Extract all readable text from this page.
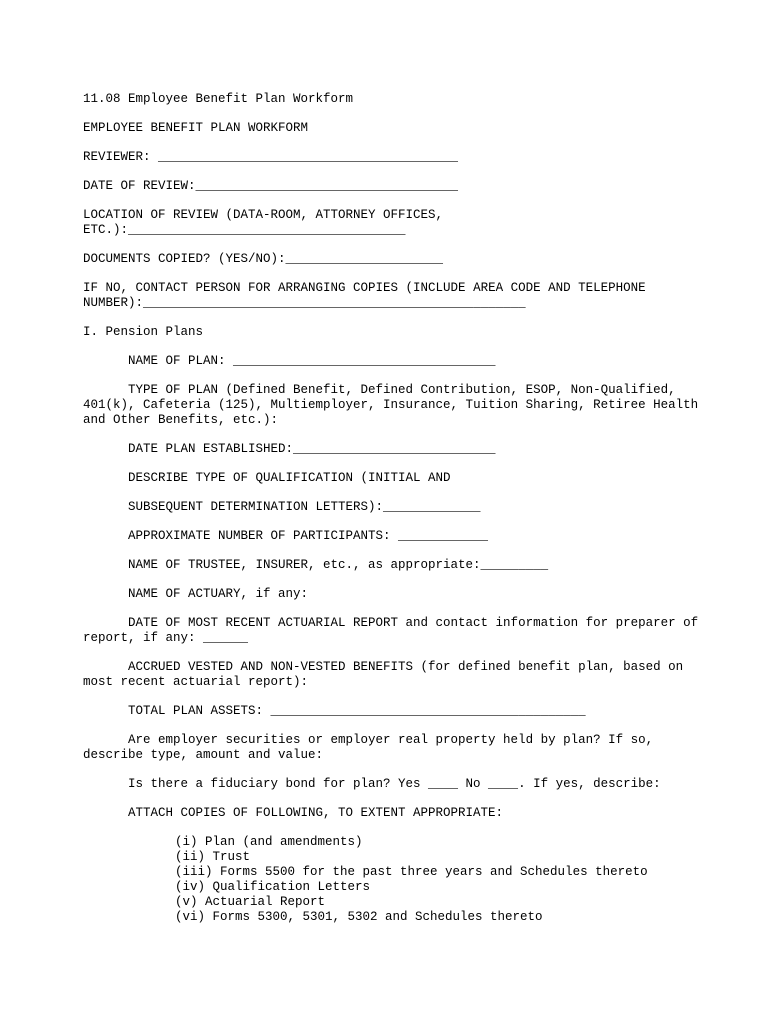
11.08 Employee Benefit Plan Workform

EMPLOYEE BENEFIT PLAN WORKFORM

REVIEWER: ________________________________________

DATE OF REVIEW:___________________________________

LOCATION OF REVIEW (DATA-ROOM, ATTORNEY OFFICES,
ETC.):_____________________________________

DOCUMENTS COPIED? (YES/NO):_____________________

IF NO, CONTACT PERSON FOR ARRANGING COPIES (INCLUDE AREA CODE AND TELEPHONE
NUMBER):___________________________________________________

I. Pension Plans

NAME OF PLAN: ___________________________________

TYPE OF PLAN (Defined Benefit, Defined Contribution, ESOP, Non-Qualified, 401(k), Cafeteria (125), Multiemployer, Insurance, Tuition Sharing, Retiree Health and Other Benefits, etc.):

DATE PLAN ESTABLISHED:___________________________

DESCRIBE TYPE OF QUALIFICATION (INITIAL AND

SUBSEQUENT DETERMINATION LETTERS):_____________

APPROXIMATE NUMBER OF PARTICIPANTS: ____________

NAME OF TRUSTEE, INSURER, etc., as appropriate:_________

NAME OF ACTUARY, if any:

DATE OF MOST RECENT ACTUARIAL REPORT and contact information for preparer of report, if any: ______

ACCRUED VESTED AND NON-VESTED BENEFITS (for defined benefit plan, based on most recent actuarial report):

TOTAL PLAN ASSETS: __________________________________________

Are employer securities or employer real property held by plan? If so, describe type, amount and value:

Is there a fiduciary bond for plan? Yes ____ No ____. If yes, describe:

ATTACH COPIES OF FOLLOWING, TO EXTENT APPROPRIATE:

(i) Plan (and amendments)
(ii) Trust
(iii) Forms 5500 for the past three years and Schedules thereto
(iv) Qualification Letters
(v) Actuarial Report
(vi) Forms 5300, 5301, 5302 and Schedules thereto
